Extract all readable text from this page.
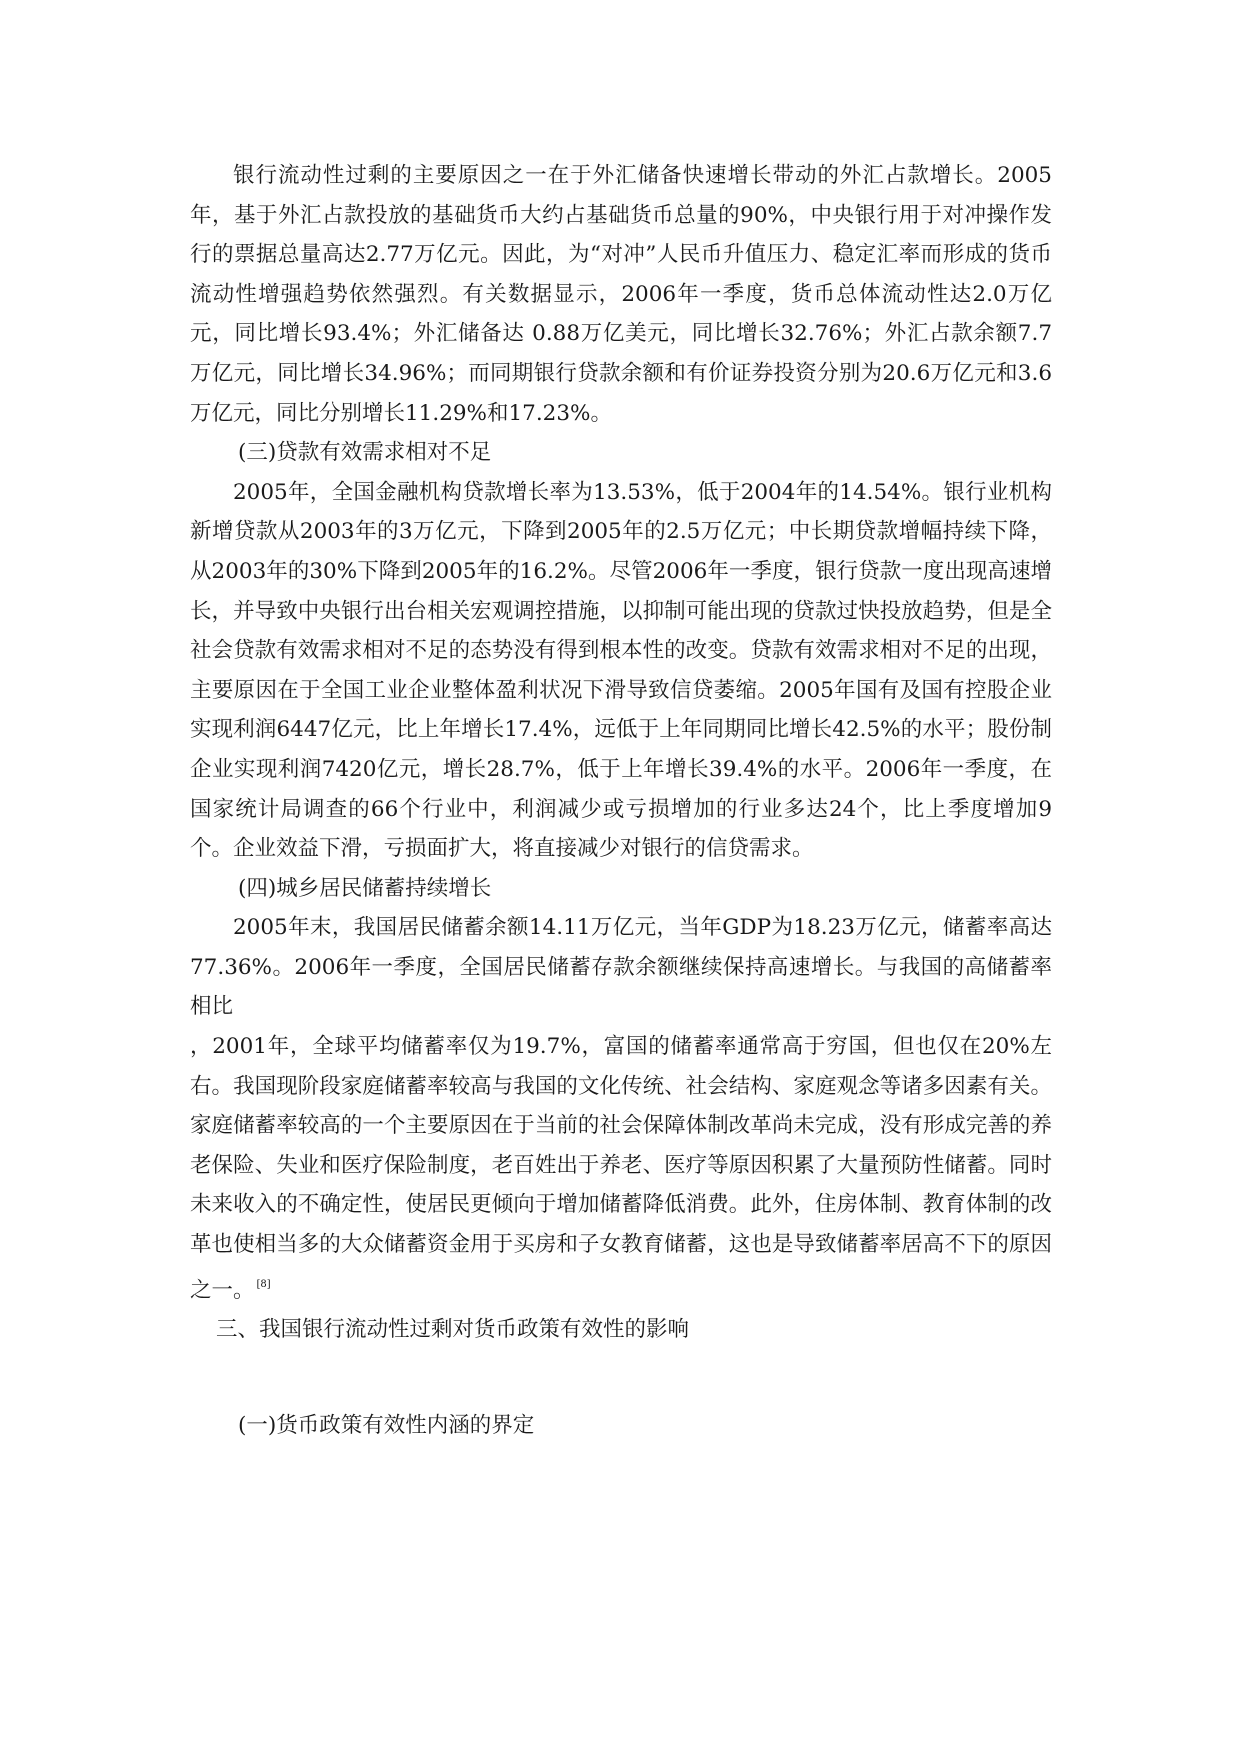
银行流动性过剩的主要原因之一在于外汇储备快速增长带动的外汇占款增长。2005年，基于外汇占款投放的基础货币大约占基础货币总量的90%，中央银行用于对冲操作发行的票据总量高达2.77万亿元。因此，为“对冲”人民币升值压力、稳定汇率而形成的货币流动性增强趋势依然强烈。有关数据显示，2006年一季度，货币总体流动性达2.0万亿元，同比增长93.4%；外汇储备达 0.88万亿美元，同比增长32.76%；外汇占款余额7.7万亿元，同比增长34.96%；而同期银行贷款余额和有价证券投资分别为20.6万亿元和3.6万亿元，同比分别增长11.29%和17.23%。

(三)贷款有效需求相对不足

2005年，全国金融机构贷款增长率为13.53%，低于2004年的14.54%。银行业机构新增贷款从2003年的3万亿元，下降到2005年的2.5万亿元；中长期贷款增幅持续下降，从2003年的30%下降到2005年的16.2%。尽管2006年一季度，银行贷款一度出现高速增长，并导致中央银行出台相关宏观调控措施，以抑制可能出现的贷款过快投放趋势，但是全社会贷款有效需求相对不足的态势没有得到根本性的改变。贷款有效需求相对不足的出现，主要原因在于全国工业企业整体盈利状况下滑导致信贷萎缩。2005年国有及国有控股企业实现利润6447亿元，比上年增长17.4%，远低于上年同期同比增长42.5%的水平；股份制企业实现利润7420亿元，增长28.7%，低于上年增长39.4%的水平。2006年一季度，在国家统计局调查的66个行业中，利润减少或亏损增加的行业多达24个，比上季度增加9个。企业效益下滑，亏损面扩大，将直接减少对银行的信贷需求。

(四)城乡居民储蓄持续增长

2005年末，我国居民储蓄余额14.11万亿元，当年GDP为18.23万亿元，储蓄率高达77.36%。2006年一季度，全国居民储蓄存款余额继续保持高速增长。与我国的高储蓄率相比

，2001年，全球平均储蓄率仅为19.7%，富国的储蓄率通常高于穷国，但也仅在20%左右。我国现阶段家庭储蓄率较高与我国的文化传统、社会结构、家庭观念等诸多因素有关。家庭储蓄率较高的一个主要原因在于当前的社会保障体制改革尚未完成，没有形成完善的养老保险、失业和医疗保险制度，老百姓出于养老、医疗等原因积累了大量预防性储蓄。同时未来收入的不确定性，使居民更倾向于增加储蓄降低消费。此外，住房体制、教育体制的改革也使相当多的大众储蓄资金用于买房和子女教育储蓄，这也是导致储蓄率居高不下的原因之一。 [8]

三、我国银行流动性过剩对货币政策有效性的影响

(一)货币政策有效性内涵的界定
